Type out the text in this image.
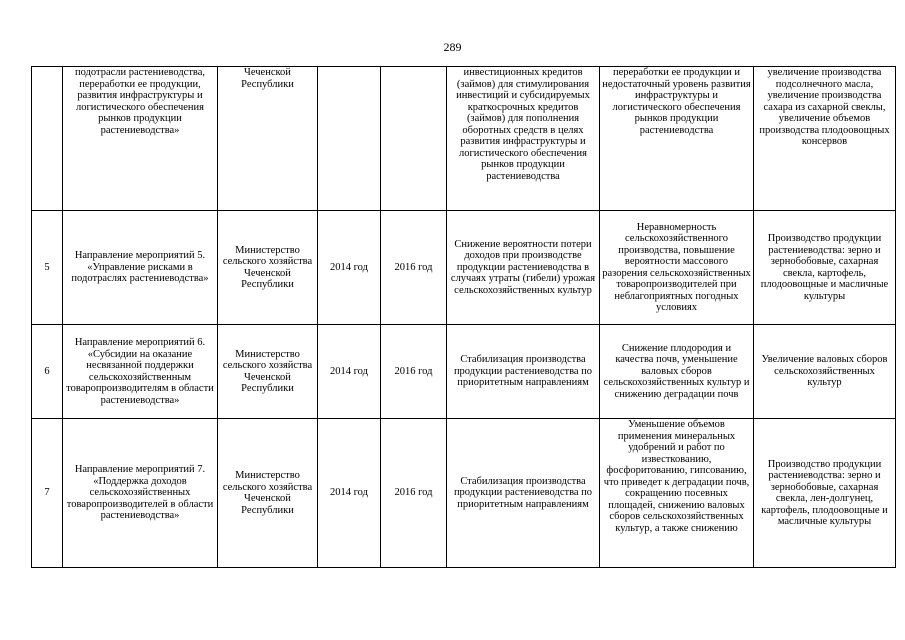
289
	подотрасли растениеводства, переработки ее продукции, развития инфраструктуры и логистического обеспечения рынков продукции растениеводства»	Чеченской Республики			инвестиционных кредитов (займов) для стимулирования инвестиций и субсидируемых краткосрочных кредитов (займов) для пополнения оборотных средств в целях развития инфраструктуры и логистического обеспечения рынков продукции растениеводства	переработки ее продукции и недостаточный уровень развития инфраструктуры и логистического обеспечения рынков продукции растениеводства	увеличение производства подсолнечного масла, увеличение производства сахара из сахарной свеклы, увеличение объемов производства плодоовощных консервов
5	Направление мероприятий 5. «Управление рисками в подотраслях растениеводства»	Министерство сельского хозяйства Чеченской Республики	2014 год	2016 год	Снижение вероятности потери доходов при производстве продукции растениеводства в случаях утраты (гибели) урожая сельскохозяйственных культур	Неравномерность сельскохозяйственного производства, повышение вероятности массового разорения сельскохозяйственных товаропроизводителей при неблагоприятных погодных условиях	Производство продукции растениеводства: зерно и зернобобовые, сахарная свекла, картофель, плодоовощные и масличные культуры
6	Направление мероприятий 6. «Субсидии на оказание несвязанной поддержки сельскохозяйственным товаропроизводителям в области растениеводства»	Министерство сельского хозяйства Чеченской Республики	2014 год	2016 год	Стабилизация производства продукции растениеводства по приоритетным направлениям	Снижение плодородия и качества почв, уменьшение валовых сборов сельскохозяйственных культур и снижению деградации почв	Увеличение валовых сборов сельскохозяйственных культур
7	Направление мероприятий 7. «Поддержка доходов сельскохозяйственных товаропроизводителей в области растениеводства»	Министерство сельского хозяйства Чеченской Республики	2014 год	2016 год	Стабилизация производства продукции растениеводства по приоритетным направлениям	Уменьшение объемов применения минеральных удобрений и работ по известкованию, фосфоритованию, гипсованию, что приведет к деградации почв, сокращению посевных площадей, снижению валовых сборов сельскохозяйственных культур, а также снижению	Производство продукции растениеводства: зерно и зернобобовые, сахарная свекла, лен-долгунец, картофель, плодоовощные и масличные культуры
